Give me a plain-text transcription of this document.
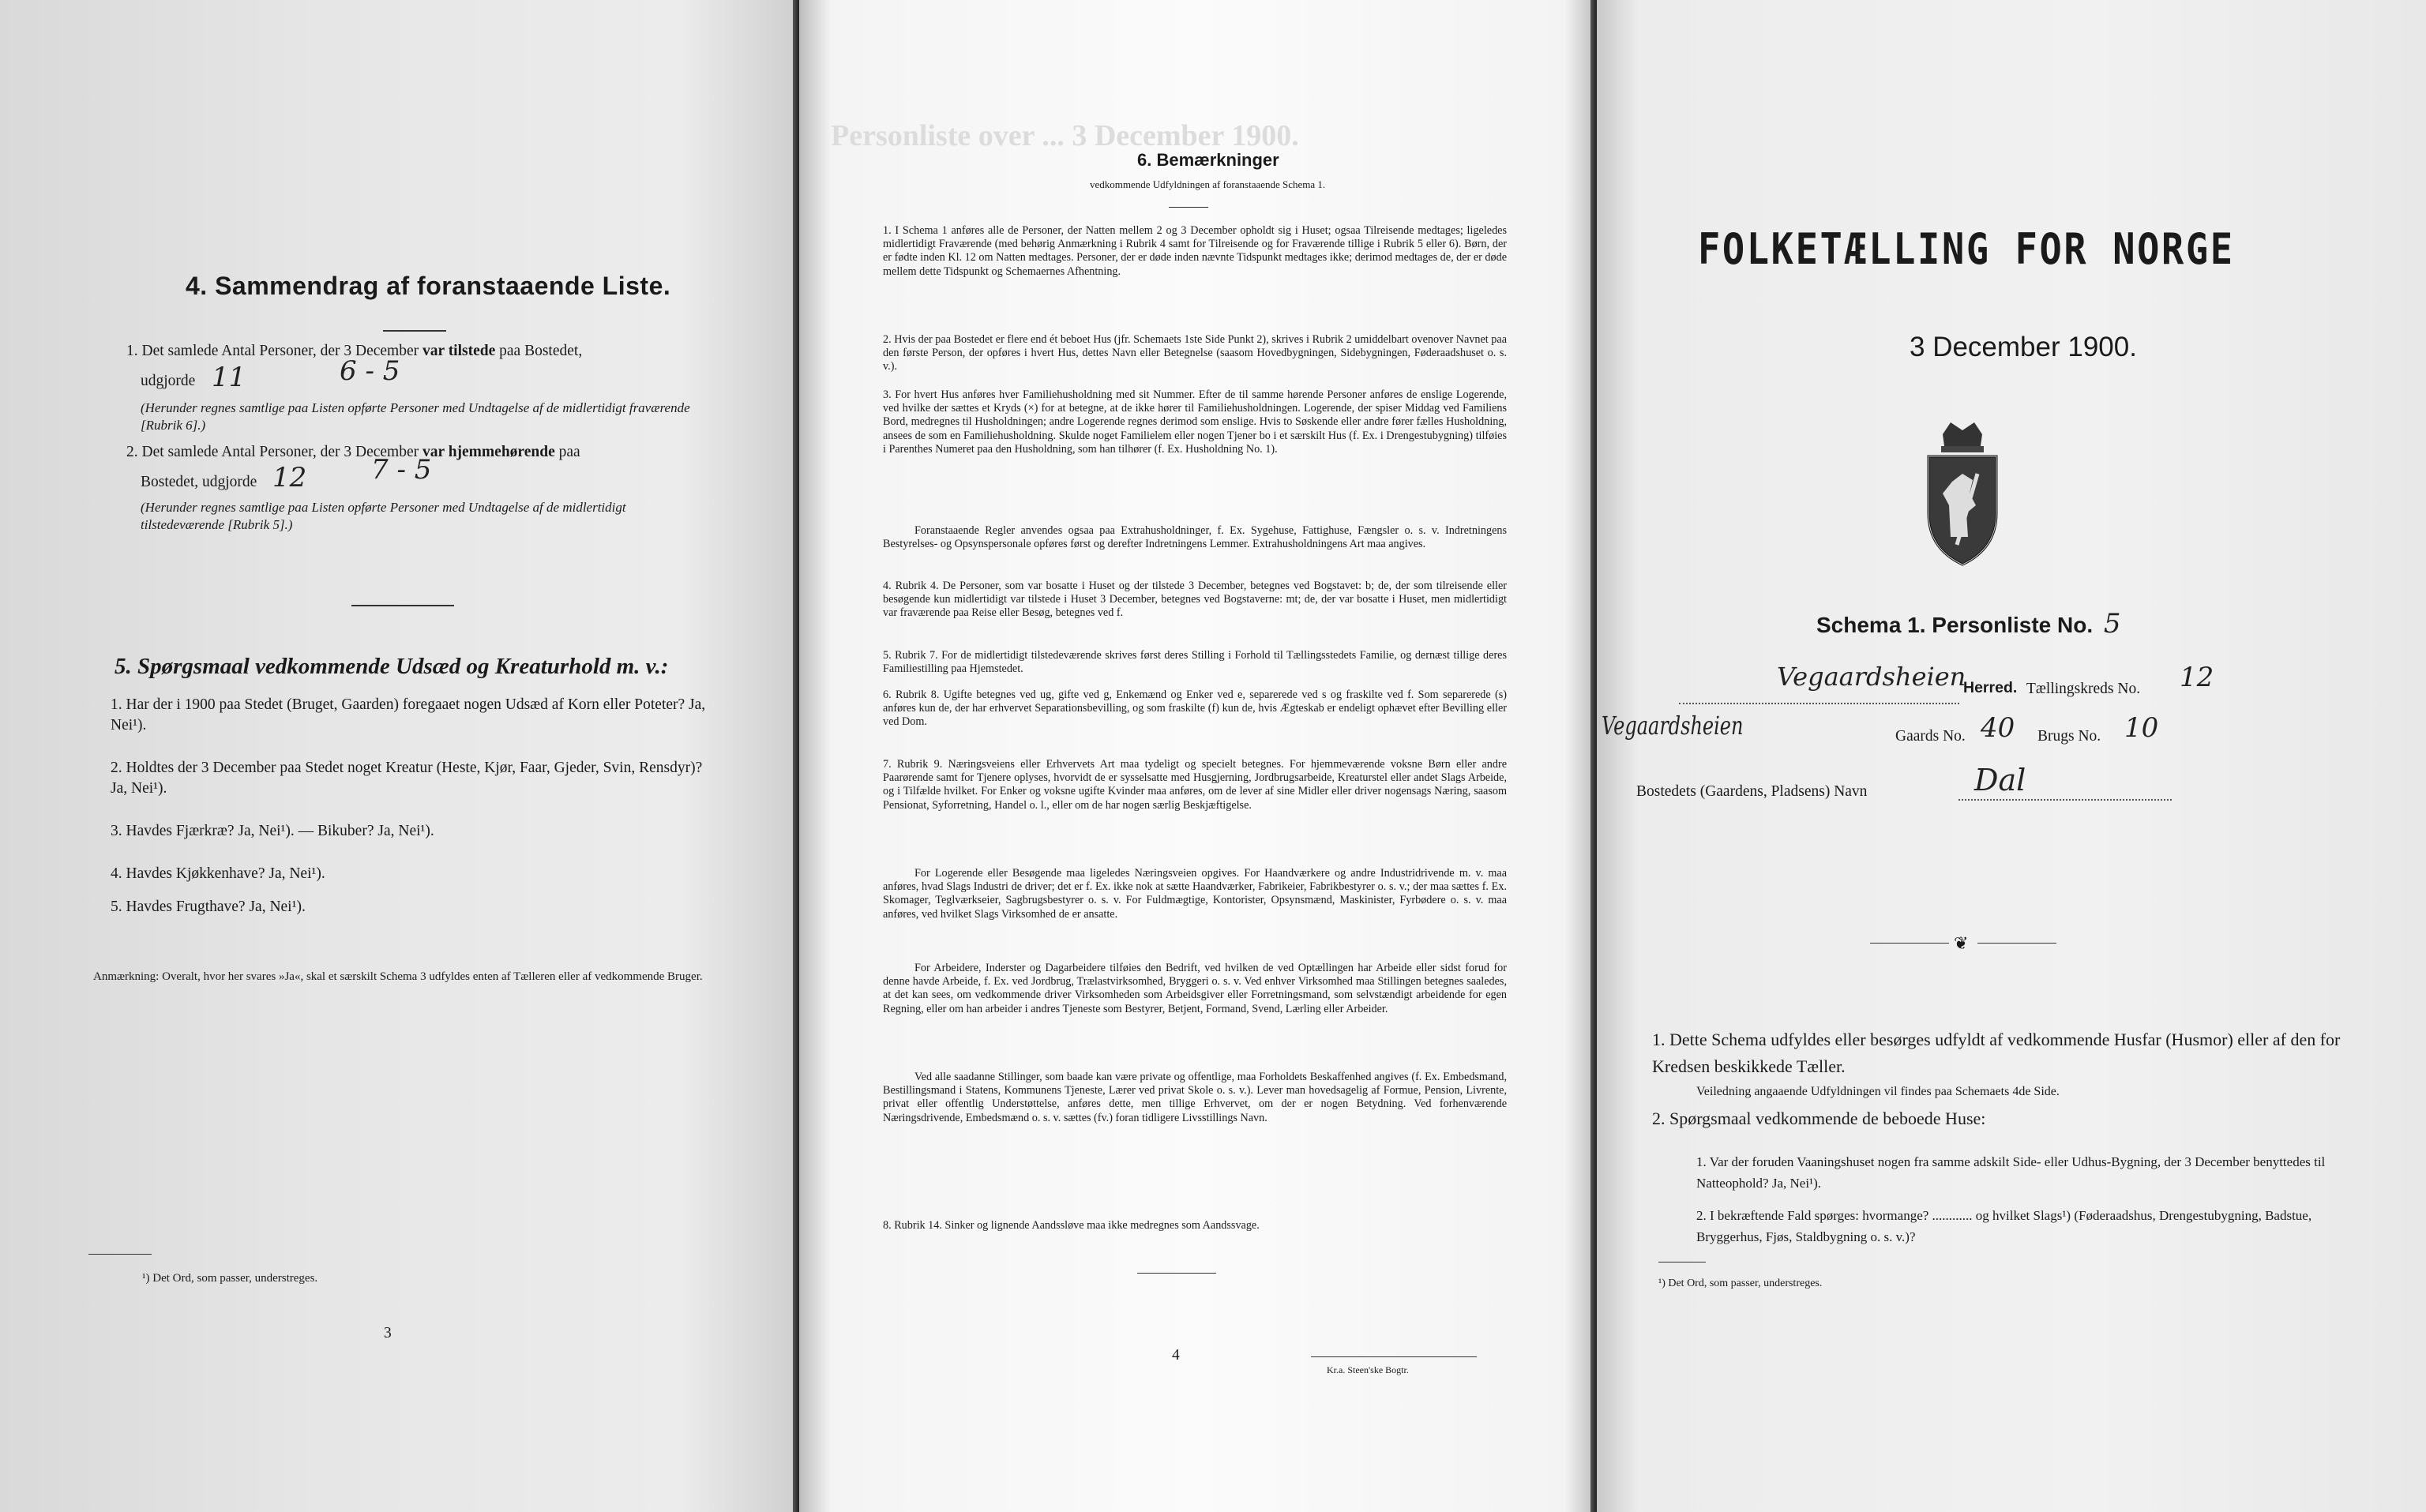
4. Sammendrag af foranstaaende Liste.
1. Det samlede Antal Personer, der 3 December var tilstede paa Bostedet,
udgjorde 11	6 - 5
(Herunder regnes samtlige paa Listen opførte Personer med Undtagelse af de midlertidigt fraværende [Rubrik 6].)
2. Det samlede Antal Personer, der 3 December var hjemmehørende paa
Bostedet, udgjorde 12 7 - 5
(Herunder regnes samtlige paa Listen opførte Personer med Undtagelse af de midlertidigt tilstedeværende [Rubrik 5].)
5. Spørgsmaal vedkommende Udsæd og Kreaturhold m. v.:
1. Har der i 1900 paa Stedet (Bruget, Gaarden) foregaaet nogen Udsæd af Korn eller Poteter? Ja, Nei¹).
2. Holdtes der 3 December paa Stedet noget Kreatur (Heste, Kjør, Faar, Gjeder, Svin, Rensdyr)? Ja, Nei¹).
3. Havdes Fjærkræ? Ja, Nei¹). — Bikuber? Ja, Nei¹).
4. Havdes Kjøkkenhave? Ja, Nei¹).
5. Havdes Frugthave? Ja, Nei¹).
Anmærkning: Overalt, hvor her svares »Ja«, skal et særskilt Schema 3 udfyldes enten af Tælleren eller af vedkommende Bruger.
¹) Det Ord, som passer, understreges.
3
Personliste over ... 3 December 1900.
6. Bemærkninger
vedkommende Udfyldningen af foranstaaende Schema 1.
1. I Schema 1 anføres alle de Personer, der Natten mellem 2 og 3 December opholdt sig i Huset; ogsaa Tilreisende medtages; ligeledes midlertidigt Fraværende (med behørig Anmærkning i Rubrik 4 samt for Tilreisende og for Fraværende tillige i Rubrik 5 eller 6). Børn, der er fødte inden Kl. 12 om Natten medtages. Personer, der er døde inden nævnte Tidspunkt medtages ikke; derimod medtages de, der er døde mellem dette Tidspunkt og Schemaernes Afhentning.
2. Hvis der paa Bostedet er flere end ét beboet Hus (jfr. Schemaets 1ste Side Punkt 2), skrives i Rubrik 2 umiddelbart ovenover Navnet paa den første Person, der opføres i hvert Hus, dettes Navn eller Betegnelse (saasom Hovedbygningen, Sidebygningen, Føderaadshuset o. s. v.).
3. For hvert Hus anføres hver Familiehusholdning med sit Nummer. Efter de til samme hørende Personer anføres de enslige Logerende, ved hvilke der sættes et Kryds (×) for at betegne, at de ikke hører til Familiehusholdningen. Logerende, der spiser Middag ved Familiens Bord, medregnes til Husholdningen; andre Logerende regnes derimod som enslige. Hvis to Søskende eller andre fører fælles Husholdning, ansees de som en Familiehusholdning. Skulde noget Familielem eller nogen Tjener bo i et særskilt Hus (f. Ex. i Drengestubygning) tilføies i Parenthes Numeret paa den Husholdning, som han tilhører (f. Ex. Husholdning No. 1).
Foranstaaende Regler anvendes ogsaa paa Extrahusholdninger, f. Ex. Sygehuse, Fattighuse, Fængsler o. s. v. Indretningens Bestyrelses- og Opsynspersonale opføres først og derefter Indretningens Lemmer. Extrahusholdningens Art maa angives.
4. Rubrik 4. De Personer, som var bosatte i Huset og der tilstede 3 December, betegnes ved Bogstavet: b; de, der som tilreisende eller besøgende kun midlertidigt var tilstede i Huset 3 December, betegnes ved Bogstaverne: mt; de, der var bosatte i Huset, men midlertidigt var fraværende paa Reise eller Besøg, betegnes ved f.
5. Rubrik 7. For de midlertidigt tilstedeværende skrives først deres Stilling i Forhold til Tællingsstedets Familie, og dernæst tillige deres Familiestilling paa Hjemstedet.
6. Rubrik 8. Ugifte betegnes ved ug, gifte ved g, Enkemænd og Enker ved e, separerede ved s og fraskilte ved f. Som separerede (s) anføres kun de, der har erhvervet Separationsbevilling, og som fraskilte (f) kun de, hvis Ægteskab er endeligt ophævet efter Bevilling eller ved Dom.
7. Rubrik 9. Næringsveiens eller Erhvervets Art maa tydeligt og specielt betegnes. For hjemmeværende voksne Børn eller andre Paarørende samt for Tjenere oplyses, hvorvidt de er sysselsatte med Husgjerning, Jordbrugsarbeide, Kreaturstel eller andet Slags Arbeide, og i Tilfælde hvilket. For Enker og voksne ugifte Kvinder maa anføres, om de lever af sine Midler eller driver nogensags Næring, saasom Pensionat, Syforretning, Handel o. l., eller om de har nogen særlig Beskjæftigelse.
For Logerende eller Besøgende maa ligeledes Næringsveien opgives. For Haandværkere og andre Industridrivende m. v. maa anføres, hvad Slags Industri de driver; det er f. Ex. ikke nok at sætte Haandværker, Fabrikeier, Fabrikbestyrer o. s. v.; der maa sættes f. Ex. Skomager, Teglværkseier, Sagbrugsbestyrer o. s. v. For Fuldmægtige, Kontorister, Opsynsmænd, Maskinister, Fyrbødere o. s. v. maa anføres, ved hvilket Slags Virksomhed de er ansatte.
For Arbeidere, Inderster og Dagarbeidere tilføies den Bedrift, ved hvilken de ved Optællingen har Arbeide eller sidst forud for denne havde Arbeide, f. Ex. ved Jordbrug, Trælastvirksomhed, Bryggeri o. s. v. Ved enhver Virksomhed maa Stillingen betegnes saaledes, at det kan sees, om vedkommende driver Virksomheden som Arbeidsgiver eller Forretningsmand, som selvstændigt arbeidende for egen Regning, eller om han arbeider i andres Tjeneste som Bestyrer, Betjent, Formand, Svend, Lærling eller Arbeider.
Ved alle saadanne Stillinger, som baade kan være private og offentlige, maa Forholdets Beskaffenhed angives (f. Ex. Embedsmand, Bestillingsmand i Statens, Kommunens Tjeneste, Lærer ved privat Skole o. s. v.). Lever man hovedsagelig af Formue, Pension, Livrente, privat eller offentlig Understøttelse, anføres dette, men tillige Erhvervet, om der er nogen Betydning. Ved forhenværende Næringsdrivende, Embedsmænd o. s. v. sættes (fv.) foran tidligere Livsstillings Navn.
8. Rubrik 14. Sinker og lignende Aandssløve maa ikke medregnes som Aandssvage.
4
Kr.a. Steen'ske Bogtr.
FOLKETÆLLING FOR NORGE
3 December 1900.
Schema 1. Personliste No. 5
Vegaardsheien
Herred. Tællingskreds No. 12
Vegaardsheien	Gaards No. 40 Brugs No. 10
Bostedets (Gaardens, Pladsens) Navn	Dal
❦
1. Dette Schema udfyldes eller besørges udfyldt af vedkommende Husfar (Husmor) eller af den for Kredsen beskikkede Tæller.
Veiledning angaaende Udfyldningen vil findes paa Schemaets 4de Side.
2. Spørgsmaal vedkommende de beboede Huse:
1. Var der foruden Vaaningshuset nogen fra samme adskilt Side- eller Udhus-Bygning, der 3 December benyttedes til Natteophold? Ja, Nei¹).
2. I bekræftende Fald spørges: hvormange? ............ og hvilket Slags¹) (Føderaadshus, Drengestubygning, Badstue, Bryggerhus, Fjøs, Staldbygning o. s. v.)?
¹) Det Ord, som passer, understreges.
